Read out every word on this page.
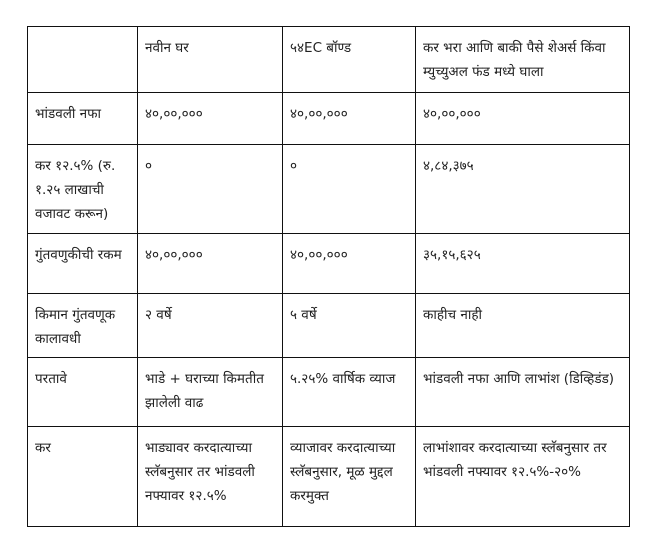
	नवीन घर	५४EC बॉण्ड	कर भरा आणि बाकी पैसे शेअर्स किंवा म्युच्युअल फंड मध्ये घाला
भांडवली नफा	४०,००,०००	४०,००,०००	४०,००,०००
कर १२.५% (रु. १.२५ लाखाची वजावट करून)	०	०	४,८४,३७५
गुंतवणुकीची रकम	४०,००,०००	४०,००,०००	३५,१५,६२५
किमान गुंतवणूक कालावधी	२ वर्षे	५ वर्षे	काहीच नाही
परतावे	भाडे + घराच्या किमतीत झालेली वाढ	५.२५% वार्षिक व्याज	भांडवली नफा आणि लाभांश (डिव्हिडंड)
कर	भाड्यावर करदात्याच्या स्लॅबनुसार तर भांडवली नफ्यावर १२.५%	व्याजावर करदात्याच्या स्लॅबनुसार, मूळ मुद्दल करमुक्त	लाभांशावर करदात्याच्या स्लॅबनुसार तर भांडवली नफ्यावर १२.५%-२०%
